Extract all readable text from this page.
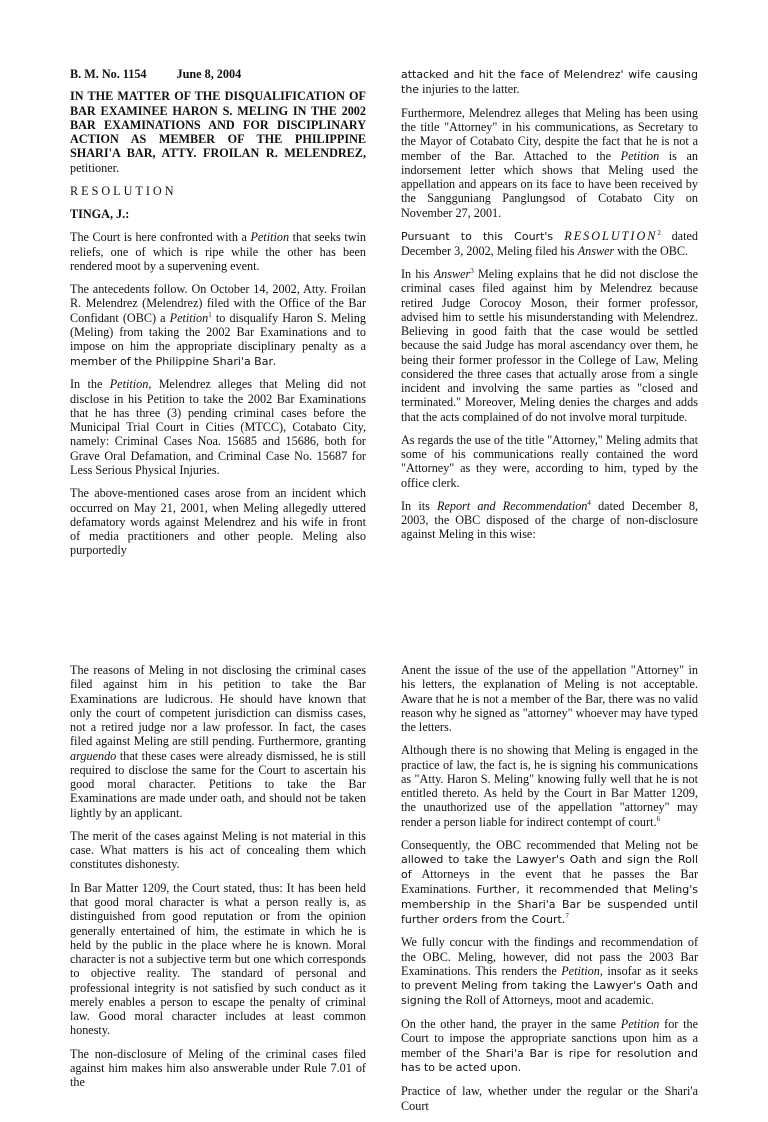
B. M. No. 1154 June 8, 2004
IN THE MATTER OF THE DISQUALIFICATION OF BAR EXAMINEE HARON S. MELING IN THE 2002 BAR EXAMINATIONS AND FOR DISCIPLINARY ACTION AS MEMBER OF THE PHILIPPINE SHARI'A BAR, ATTY. FROILAN R. MELENDREZ, petitioner.
RESOLUTION
TINGA, J.:

The Court is here confronted with a Petition that seeks twin reliefs, one of which is ripe while the other has been rendered moot by a supervening event.

The antecedents follow. On October 14, 2002, Atty. Froilan R. Melendrez (Melendrez) filed with the Office of the Bar Confidant (OBC) a Petition$^1$ to disqualify Haron S. Meling (Meling) from taking the 2002 Bar Examinations and to impose on him the appropriate disciplinary penalty as a member of the Philippine Shari'a Bar.

In the Petition, Melendrez alleges that Meling did not disclose in his Petition to take the 2002 Bar Examinations that he has three (3) pending criminal cases before the Municipal Trial Court in Cities (MTCC), Cotabato City, namely: Criminal Cases Noa. 15685 and 15686, both for Grave Oral Defamation, and Criminal Case No. 15687 for Less Serious Physical Injuries.

The above-mentioned cases arose from an incident which occurred on May 21, 2001, when Meling allegedly uttered defamatory words against Melendrez and his wife in front of media practitioners and other people. Meling also purportedly

attacked and hit the face of Melendrez' wife causing the injuries to the latter.

Furthermore, Melendrez alleges that Meling has been using the title "Attorney" in his communications, as Secretary to the Mayor of Cotabato City, despite the fact that he is not a member of the Bar. Attached to the Petition is an indorsement letter which shows that Meling used the appellation and appears on its face to have been received by the Sangguniang Panglungsod of Cotabato City on November 27, 2001.

Pursuant to this Court's RESOLUTION$^2$ dated December 3, 2002, Meling filed his Answer with the OBC.

In his Answer$^3$ Meling explains that he did not disclose the criminal cases filed against him by Melendrez because retired Judge Corocoy Moson, their former professor, advised him to settle his misunderstanding with Melendrez. Believing in good faith that the case would be settled because the said Judge has moral ascendancy over them, he being their former professor in the College of Law, Meling considered the three cases that actually arose from a single incident and involving the same parties as "closed and terminated." Moreover, Meling denies the charges and adds that the acts complained of do not involve moral turpitude.

As regards the use of the title "Attorney," Meling admits that some of his communications really contained the word "Attorney" as they were, according to him, typed by the office clerk.

In its Report and Recommendation$^4$ dated December 8, 2003, the OBC disposed of the charge of non-disclosure against Meling in this wise:

The reasons of Meling in not disclosing the criminal cases filed against him in his petition to take the Bar Examinations are ludicrous. He should have known that only the court of competent jurisdiction can dismiss cases, not a retired judge nor a law professor. In fact, the cases filed against Meling are still pending. Furthermore, granting arguendo that these cases were already dismissed, he is still required to disclose the same for the Court to ascertain his good moral character. Petitions to take the Bar Examinations are made under oath, and should not be taken lightly by an applicant.

The merit of the cases against Meling is not material in this case. What matters is his act of concealing them which constitutes dishonesty.

In Bar Matter 1209, the Court stated, thus: It has been held that good moral character is what a person really is, as distinguished from good reputation or from the opinion generally entertained of him, the estimate in which he is held by the public in the place where he is known. Moral character is not a subjective term but one which corresponds to objective reality. The standard of personal and professional integrity is not satisfied by such conduct as it merely enables a person to escape the penalty of criminal law. Good moral character includes at least common honesty.

The non-disclosure of Meling of the criminal cases filed against him makes him also answerable under Rule 7.01 of the

Anent the issue of the use of the appellation "Attorney" in his letters, the explanation of Meling is not acceptable. Aware that he is not a member of the Bar, there was no valid reason why he signed as "attorney" whoever may have typed the letters.

Although there is no showing that Meling is engaged in the practice of law, the fact is, he is signing his communications as "Atty. Haron S. Meling" knowing fully well that he is not entitled thereto. As held by the Court in Bar Matter 1209, the unauthorized use of the appellation "attorney" may render a person liable for indirect contempt of court.$^6$

Consequently, the OBC recommended that Meling not be allowed to take the Lawyer's Oath and sign the Roll of Attorneys in the event that he passes the Bar Examinations. Further, it recommended that Meling's membership in the Shari'a Bar be suspended until further orders from the Court.$^7$

We fully concur with the findings and recommendation of the OBC. Meling, however, did not pass the 2003 Bar Examinations. This renders the Petition, insofar as it seeks to prevent Meling from taking the Lawyer's Oath and signing the Roll of Attorneys, moot and academic.

On the other hand, the prayer in the same Petition for the Court to impose the appropriate sanctions upon him as a member of the Shari'a Bar is ripe for resolution and has to be acted upon.

Practice of law, whether under the regular or the Shari'a Court
